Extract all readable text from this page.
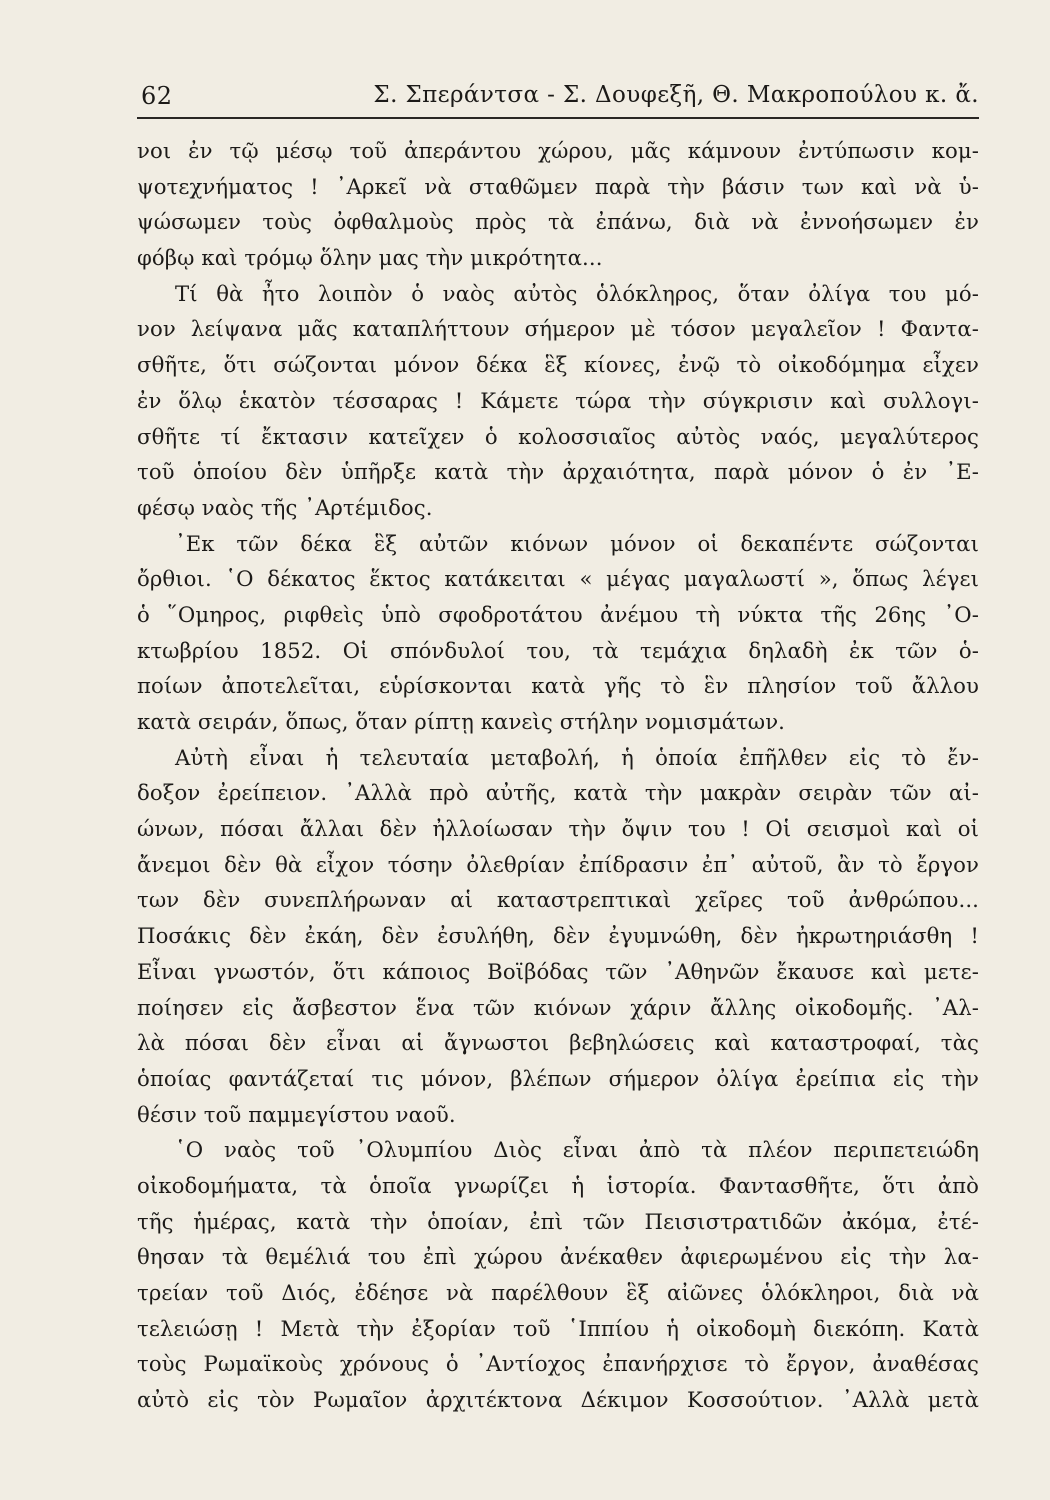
62	Σ. Σπεράντσα - Σ. Δουφεξῆ, Θ. Μακροπούλου κ. ἄ.
νοι ἐν τῷ μέσῳ τοῦ ἀπεράντου χώρου, μᾶς κάμνουν ἐντύπωσιν κομ-
ψοτεχνήματος ! ᾿Αρκεῖ νὰ σταθῶμεν παρὰ τὴν βάσιν των καὶ νὰ ὑ-
ψώσωμεν τοὺς ὀφθαλμοὺς πρὸς τὰ ἐπάνω, διὰ νὰ ἐννοήσωμεν ἐν
φόβῳ καὶ τρόμῳ ὅλην μας τὴν μικρότητα...
Τί θὰ ἦτο λοιπὸν ὁ ναὸς αὐτὸς ὁλόκληρος, ὅταν ὀλίγα του μό-
νον λείψανα μᾶς καταπλήττουν σήμερον μὲ τόσον μεγαλεῖον ! Φαντα-
σθῆτε, ὅτι σώζονται μόνον δέκα ἓξ κίονες, ἐνῷ τὸ οἰκοδόμημα εἶχεν
ἐν ὅλῳ ἑκατὸν τέσσαρας ! Κάμετε τώρα τὴν σύγκρισιν καὶ συλλογι-
σθῆτε τί ἔκτασιν κατεῖχεν ὁ κολοσσιαῖος αὐτὸς ναός, μεγαλύτερος
τοῦ ὁποίου δὲν ὑπῆρξε κατὰ τὴν ἀρχαιότητα, παρὰ μόνον ὁ ἐν ᾿Ε-
φέσῳ ναὸς τῆς ᾿Αρτέμιδος.
᾿Εκ τῶν δέκα ἓξ αὐτῶν κιόνων μόνον οἱ δεκαπέντε σώζονται
ὄρθιοι. ῾Ο δέκατος ἕκτος κατάκειται « μέγας μαγαλωστί », ὅπως λέγει
ὁ ῞Ομηρος, ριφθεὶς ὑπὸ σφοδροτάτου ἀνέμου τὴ νύκτα τῆς 26ης ᾿Ο-
κτωβρίου 1852. Οἱ σπόνδυλοί του, τὰ τεμάχια δηλαδὴ ἐκ τῶν ὁ-
ποίων ἀποτελεῖται, εὑρίσκονται κατὰ γῆς τὸ ἓν πλησίον τοῦ ἄλλου
κατὰ σειράν, ὅπως, ὅταν ρίπτῃ κανεὶς στήλην νομισμάτων.
Αὐτὴ εἶναι ἡ τελευταία μεταβολή, ἡ ὁποία ἐπῆλθεν εἰς τὸ ἔν-
δοξον ἐρείπειον. ᾿Αλλὰ πρὸ αὐτῆς, κατὰ τὴν μακρὰν σειρὰν τῶν αἰ-
ώνων, πόσαι ἄλλαι δὲν ἠλλοίωσαν τὴν ὄψιν του ! Οἱ σεισμοὶ καὶ οἱ
ἄνεμοι δὲν θὰ εἶχον τόσην ὀλεθρίαν ἐπίδρασιν ἐπ᾿ αὐτοῦ, ἂν τὸ ἔργον
των δὲν συνεπλήρωναν αἱ καταστρεπτικαὶ χεῖρες τοῦ ἀνθρώπου...
Ποσάκις δὲν ἐκάη, δὲν ἐσυλήθη, δὲν ἐγυμνώθη, δὲν ἠκρωτηριάσθη !
Εἶναι γνωστόν, ὅτι κάποιος Βοϊβόδας τῶν ᾿Αθηνῶν ἔκαυσε καὶ μετε-
ποίησεν εἰς ἄσβεστον ἕνα τῶν κιόνων χάριν ἄλλης οἰκοδομῆς. ᾿Αλ-
λὰ πόσαι δὲν εἶναι αἱ ἄγνωστοι βεβηλώσεις καὶ καταστροφαί, τὰς
ὁποίας φαντάζεταί τις μόνον, βλέπων σήμερον ὀλίγα ἐρείπια εἰς τὴν
θέσιν τοῦ παμμεγίστου ναοῦ.
῾Ο ναὸς τοῦ ᾿Ολυμπίου Διὸς εἶναι ἀπὸ τὰ πλέον περιπετειώδη
οἰκοδομήματα, τὰ ὁποῖα γνωρίζει ἡ ἱστορία. Φαντασθῆτε, ὅτι ἀπὸ
τῆς ἡμέρας, κατὰ τὴν ὁποίαν, ἐπὶ τῶν Πεισιστρατιδῶν ἀκόμα, ἐτέ-
θησαν τὰ θεμέλιά του ἐπὶ χώρου ἀνέκαθεν ἀφιερωμένου εἰς τὴν λα-
τρείαν τοῦ Διός, ἐδέησε νὰ παρέλθουν ἓξ αἰῶνες ὁλόκληροι, διὰ νὰ
τελειώσῃ ! Μετὰ τὴν ἐξορίαν τοῦ ῾Ιππίου ἡ οἰκοδομὴ διεκόπη. Κατὰ
τοὺς Ρωμαϊκοὺς χρόνους ὁ ᾿Αντίοχος ἐπανήρχισε τὸ ἔργον, ἀναθέσας
αὐτὸ εἰς τὸν Ρωμαῖον ἀρχιτέκτονα Δέκιμον Κοσσούτιον. ᾿Αλλὰ μετὰ
